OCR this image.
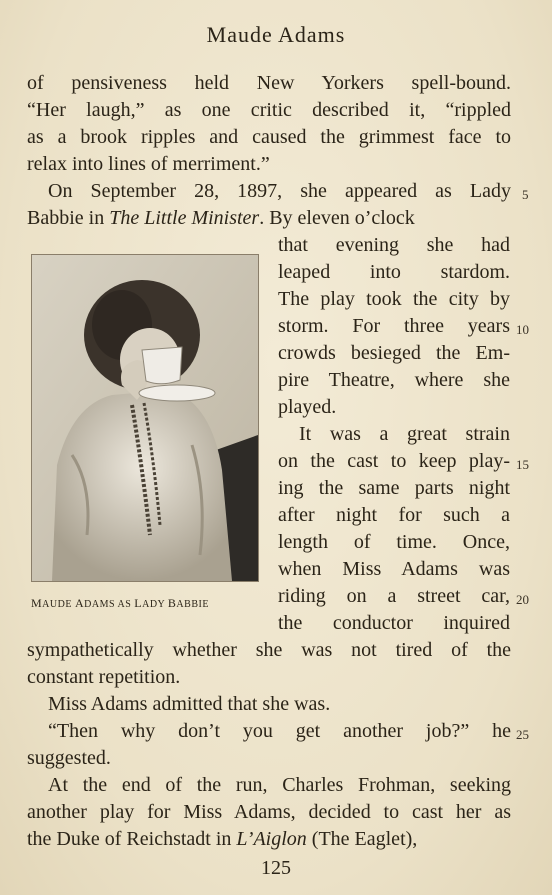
Maude Adams
of pensiveness held New Yorkers spell-bound.
“Her laugh,” as one critic described it, “rippled
as a brook ripples and caused the grimmest face to
relax into lines of merriment.”
On September 28, 1897, she appeared as Lady
Babbie in The Little Minister. By eleven o’clock
that evening she had
leaped into stardom.
The play took the city by
storm. For three years
crowds besieged the Em-
pire Theatre, where she
played.
It was a great strain
on the cast to keep play-
ing the same parts night
after night for such a
length of time. Once,
when Miss Adams was
riding on a street car,
the conductor inquired
sympathetically whether she was not tired of the
constant repetition.
Miss Adams admitted that she was.
“Then why don’t you get another job?” he
suggested.
At the end of the run, Charles Frohman, seeking
another play for Miss Adams, decided to cast her as
the Duke of Reichstadt in L’Aiglon (The Eaglet),
5
10
15
20
25
MAUDE ADAMS AS LADY BABBIE
125
